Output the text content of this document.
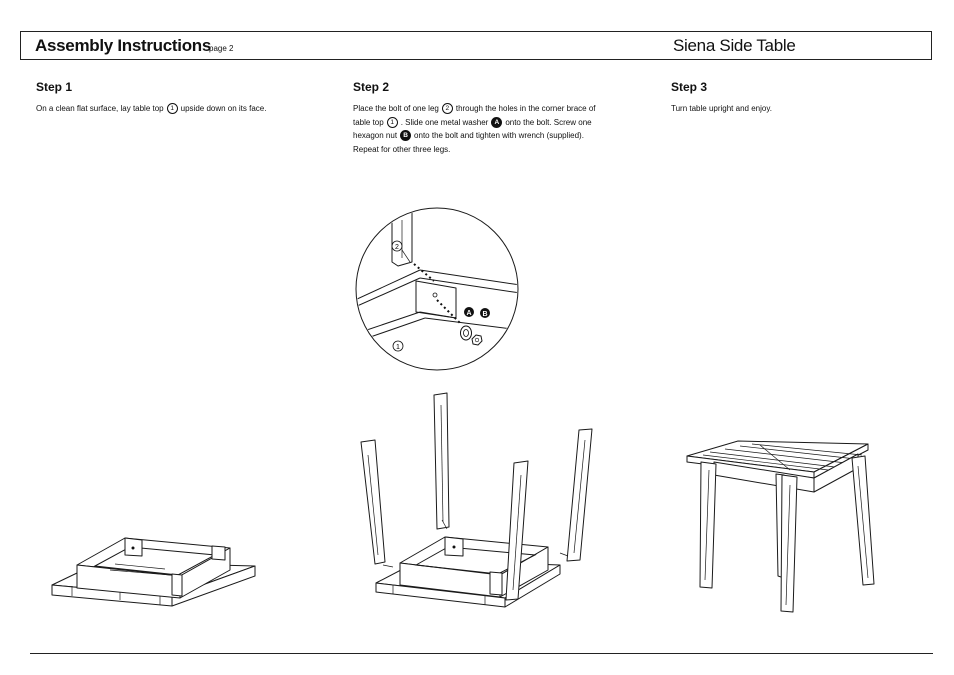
Assembly Instructions
page 2	Siena Side Table
Step 1

On a clean flat surface, lay table top 1 upside down on its face.

Step 2

Place the bolt of one leg 2 through the holes in the corner brace of table top 1 . Slide one metal washer A onto the bolt. Screw one hexagon nut B onto the bolt and tighten with wrench (supplied). Repeat for other three legs.

Step 3

Turn table upright and enjoy.

2
1
A B
